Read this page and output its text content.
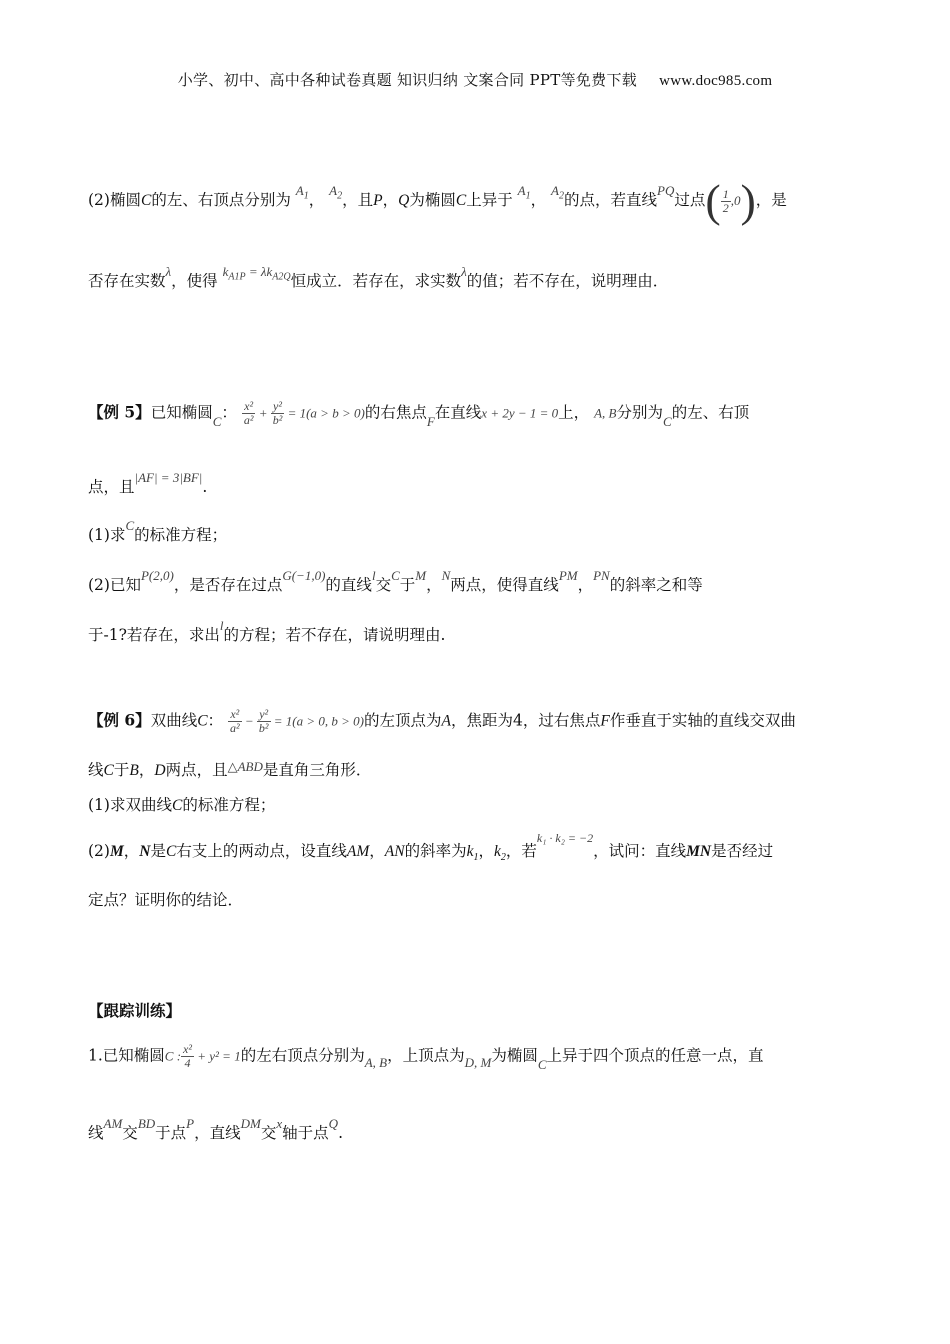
小学、初中、高中各种试卷真题 知识归纳 文案合同 PPT等免费下载 www.doc985.com
(2)椭圆C的左、右顶点分别为 $^{A_1}$， $^{A_2}$，且P，Q为椭圆C上异于 $^{A_1}$， $^{A_2}$的点，若直线$^{PQ}$过点( $\frac{1}{2} ,0$)，是
否存在实数$^\lambda$，使得 $^{k_{A1P} = \lambda k_{A2Q}}$恒成立．若存在，求实数$^\lambda$的值；若不存在，说明理由．
【例 5】已知椭圆$_C$： $\frac{\text{x²}}{\text{a²}} + \frac{\text{y²}}{\text{b²}} = 1(a > b > 0)$的右焦点$_F$在直线x + 2y − 1 = 0上， A, B分别为$_C$的左、右顶
点，且$^{|AF| = 3|BF|}$.
(1)求$^C$的标准方程；
(2)已知$^{P(2,0)}$，是否存在过点$^{G(-1,0)}$的直线$^l$交$^C$于$^M$，$^N$两点，使得直线$^{PM}$，$^{PN}$的斜率之和等
于-1?若存在，求出$^l$的方程；若不存在，请说明理由.
【例 6】双曲线C： $\frac{\text{x²}}{\text{a²}} - \frac{\text{y²}}{\text{b²}} = 1(a > 0$, b > 0)的左顶点为A，焦距为4，过右焦点F作垂直于实轴的直线交双曲
线C于B，D两点，且$^{\triangle ABD}$是直角三角形．
(1)求双曲线C的标准方程；
(2)M，N是C右支上的两动点，设直线AM，AN的斜率为$k_1$，$k_2$，若$^{k_1 \cdot k_2 = -2}$，试问：直线MN是否经过
定点？证明你的结论．
【跟踪训练】
1.已知椭圆C : $\frac{\text{x²}}{4} + y^2 = 1$的左右顶点分别为$_{A, B}$，上顶点为$_{D, M}$为椭圆$_C$上异于四个顶点的任意一点，直
线$^{AM}$交$^{BD}$于点$^P$，直线$^{DM}$交$^x$轴于点$^Q$.
